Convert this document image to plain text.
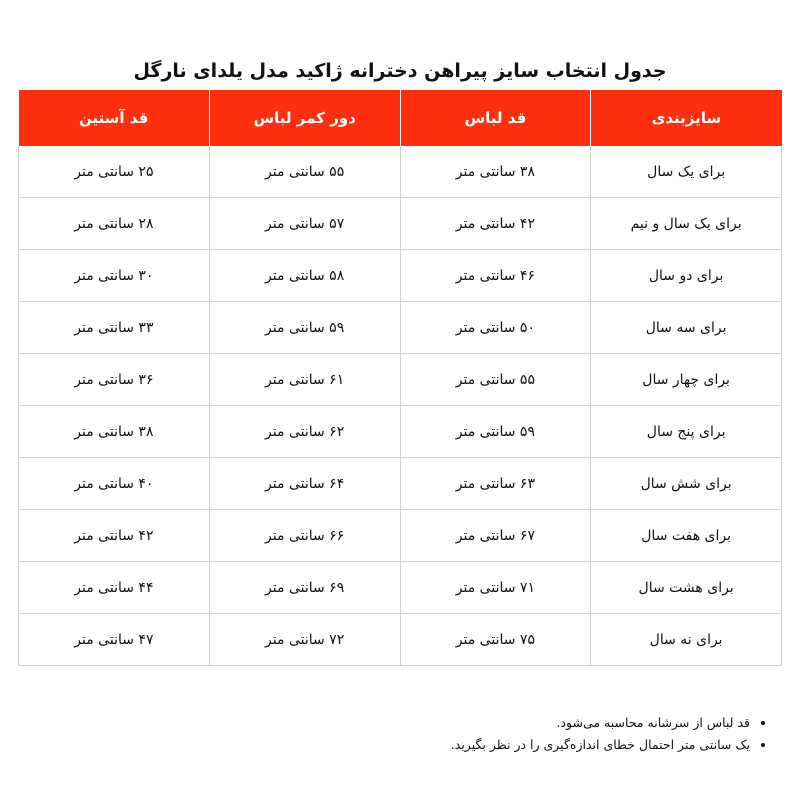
جدول انتخاب سایز پیراهن دخترانه ژاکید مدل یلدای نارگل
سایزبندی	قد لباس	دور کمر لباس	قد آستین
برای یک سال	۳۸ سانتی متر	۵۵ سانتی متر	۲۵ سانتی متر
برای یک سال و نیم	۴۲ سانتی متر	۵۷ سانتی متر	۲۸ سانتی متر
برای دو سال	۴۶ سانتی متر	۵۸ سانتی متر	۳۰ سانتی متر
برای سه سال	۵۰ سانتی متر	۵۹ سانتی متر	۳۳ سانتی متر
برای چهار سال	۵۵ سانتی متر	۶۱ سانتی متر	۳۶ سانتی متر
برای پنج سال	۵۹ سانتی متر	۶۲ سانتی متر	۳۸ سانتی متر
برای شش سال	۶۳ سانتی متر	۶۴ سانتی متر	۴۰ سانتی متر
برای هفت سال	۶۷ سانتی متر	۶۶ سانتی متر	۴۲ سانتی متر
برای هشت سال	۷۱ سانتی متر	۶۹ سانتی متر	۴۴ سانتی متر
برای نه سال	۷۵ سانتی متر	۷۲ سانتی متر	۴۷ سانتی متر
• قد لباس از سرشانه محاسبه می‌شود.
• یک سانتی متر احتمال خطای اندازه‌گیری را در نظر بگیرید.
